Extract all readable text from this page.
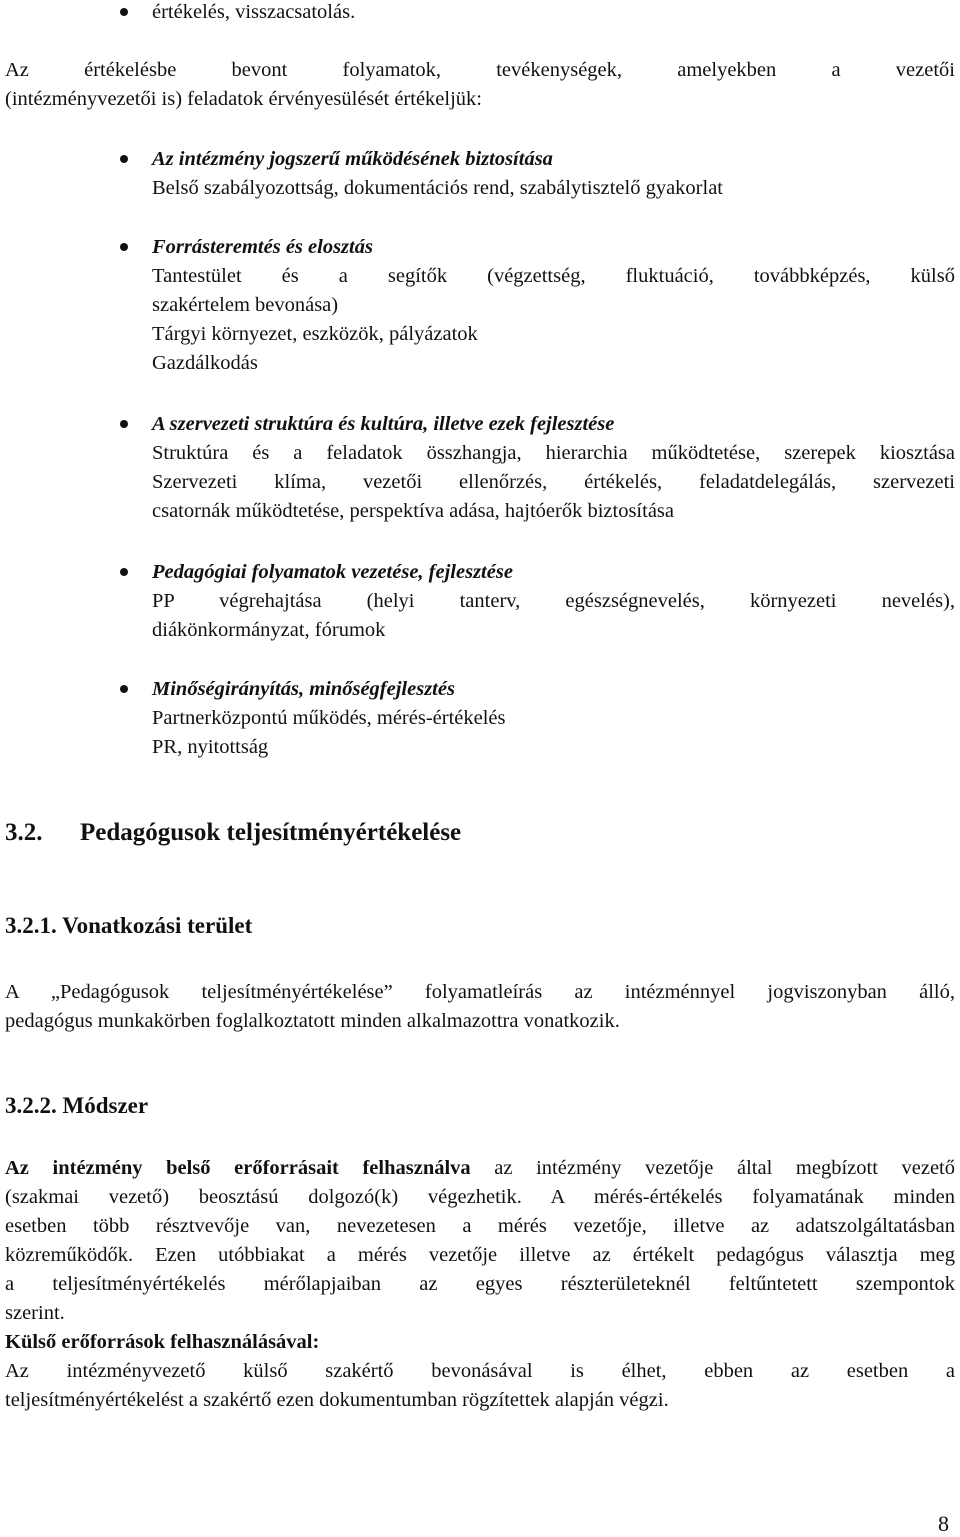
értékelés, visszacsatolás.
Az értékelésbe bevont folyamatok, tevékenységek, amelyekben a vezetői
(intézményvezetői is) feladatok érvényesülését értékeljük:
Az intézmény jogszerű működésének biztosítása
Belső szabályozottság, dokumentációs rend, szabálytisztelő gyakorlat
Forrásteremtés és elosztás
Tantestület és a segítők (végzettség, fluktuáció, továbbképzés, külső
szakértelem bevonása)
Tárgyi környezet, eszközök, pályázatok
Gazdálkodás
A szervezeti struktúra és kultúra, illetve ezek fejlesztése
Struktúra és a feladatok összhangja, hierarchia működtetése, szerepek kiosztása
Szervezeti klíma, vezetői ellenőrzés, értékelés, feladatdelegálás, szervezeti
csatornák működtetése, perspektíva adása, hajtóerők biztosítása
Pedagógiai folyamatok vezetése, fejlesztése
PP végrehajtása (helyi tanterv, egészségnevelés, környezeti nevelés),
diákönkormányzat, fórumok
Minőségirányítás, minőségfejlesztés
Partnerközpontú működés, mérés-értékelés
PR, nyitottság
3.2. Pedagógusok teljesítményértékelése
3.2.1. Vonatkozási terület
A „Pedagógusok teljesítményértékelése” folyamatleírás az intézménnyel jogviszonyban álló,
pedagógus munkakörben foglalkoztatott minden alkalmazottra vonatkozik.
3.2.2. Módszer
Az intézmény belső erőforrásait felhasználva az intézmény vezetője által megbízott vezető
(szakmai vezető) beosztású dolgozó(k) végezhetik. A mérés-értékelés folyamatának minden
esetben több résztvevője van, nevezetesen a mérés vezetője, illetve az adatszolgáltatásban
közreműködők. Ezen utóbbiakat a mérés vezetője illetve az értékelt pedagógus választja meg
a teljesítményértékelés mérőlapjaiban az egyes részterületeknél feltűntetett szempontok
szerint.
Külső erőforrások felhasználásával:
Az intézményvezető külső szakértő bevonásával is élhet, ebben az esetben a
teljesítményértékelést a szakértő ezen dokumentumban rögzítettek alapján végzi.
8
